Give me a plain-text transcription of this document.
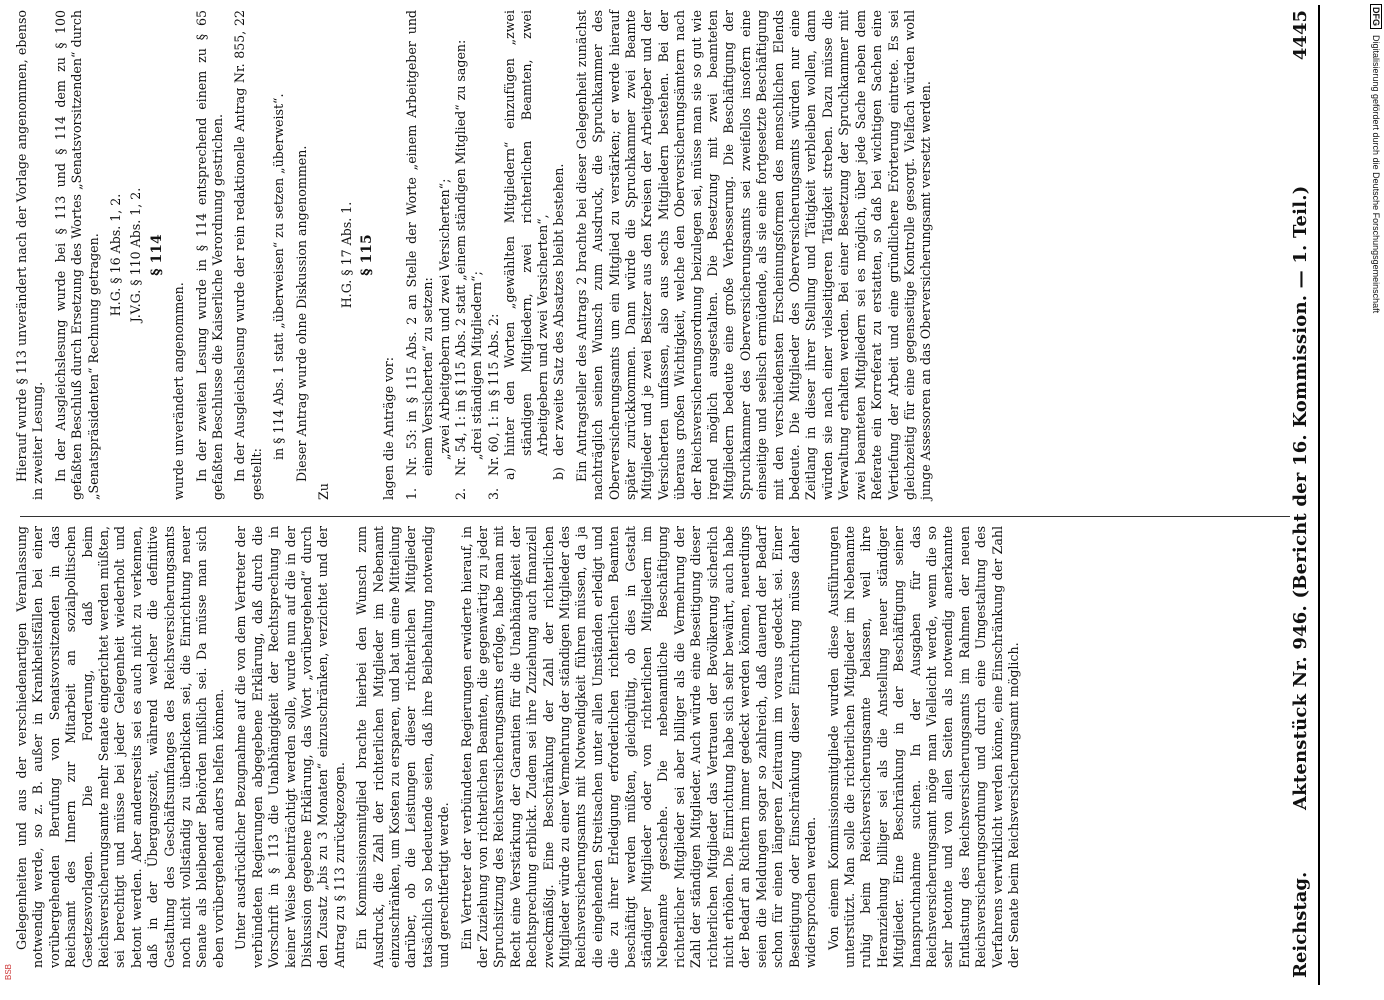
Gelegenheiten und aus der verschiedenartigen Veranlassung notwendig werde, so z. B. außer in Krankheitsfällen bei einer vorübergehenden Berufung von Senatsvorsitzenden in das Reichsamt des Innern zur Mitarbeit an sozialpolitischen Gesetzesvorlagen. Die Forderung, daß beim Reichsversicherungsamte mehr Senate eingerichtet werden müßten, sei berechtigt und müsse bei jeder Gelegenheit wiederholt und betont werden. Aber andererseits sei es auch nicht zu verkennen, daß in der Übergangszeit, während welcher die definitive Gestaltung des Geschäftsumfanges des Reichsversicherungsamts noch nicht vollständig zu überblicken sei, die Einrichtung neuer Senate als bleibender Behörden mißlich sei. Da müsse man sich eben vorübergehend anders helfen können. Unter ausdrücklicher Bezugnahme auf die von dem Vertreter der verbündeten Regierungen abgegebene Erklärung, daß durch die Vorschrift in § 113 die Unabhängigkeit der Rechtsprechung in keiner Weise beeinträchtigt werden solle, wurde nun auf die in der Diskussion gegebene Erklärung, das Wort „vorübergehend“ durch den Zusatz „bis zu 3 Monaten“ einzuschränken, verzichtet und der Antrag zu § 113 zurückgezogen. Ein Kommissionsmitglied brachte hierbei den Wunsch zum Ausdruck, die Zahl der richterlichen Mitglieder im Nebenamt einzuschränken, um Kosten zu ersparen, und bat um eine Mitteilung darüber, ob die Leistungen dieser richterlichen Mitglieder tatsächlich so bedeutende seien, daß ihre Beibehaltung notwendig und gerechtfertigt werde. Ein Vertreter der verbündeten Regierungen erwiderte hierauf, in der Zuziehung von richterlichen Beamten, die gegenwärtig zu jeder Spruchsitzung des Reichsversicherungsamts erfolge, habe man mit Recht eine Verstärkung der Garantien für die Unabhängigkeit der Rechtsprechung erblickt. Zudem sei ihre Zuziehung auch finanziell zweckmäßig. Eine Beschränkung der Zahl der richterlichen Mitglieder würde zu einer Vermehrung der ständigen Mitglieder des Reichsversicherungsamts mit Notwendigkeit führen müssen, da ja die eingehenden Streitsachen unter allen Umständen erledigt und die zu ihrer Erledigung erforderlichen richterlichen Beamten beschäftigt werden müßten, gleichgültig, ob dies in Gestalt ständiger Mitglieder oder von richterlichen Mitgliedern im Nebenamte geschehe. Die nebenamtliche Beschäftigung richterlicher Mitglieder sei aber billiger als die Vermehrung der Zahl der ständigen Mitglieder. Auch würde eine Beseitigung dieser richterlichen Mitglieder das Vertrauen der Bevölkerung sicherlich nicht erhöhen. Die Einrichtung habe sich sehr bewährt, auch habe der Bedarf an Richtern immer gedeckt werden können, neuerdings seien die Meldungen sogar so zahlreich, daß dauernd der Bedarf schon für einen längeren Zeitraum im voraus gedeckt sei. Einer Beseitigung oder Einschränkung dieser Einrichtung müsse daher widersprochen werden. Von einem Kommissionsmitgliede wurden diese Ausführungen unterstützt. Man solle die richterlichen Mitglieder im Nebenamte ruhig beim Reichsversicherungsamte belassen, weil ihre Heranziehung billiger sei als die Anstellung neuer ständiger Mitglieder. Eine Beschränkung in der Beschäftigung seiner Inanspruchnahme suchen. In der Ausgaben für das Reichsversicherungsamt möge man Vielleicht werde, wenn die so sehr betonte und von allen Seiten als notwendig anerkannte Entlastung des Reichsversicherungsamts im Rahmen der neuen Reichsversicherungsordnung und durch eine Umgestaltung des Verfahrens verwirklicht werden könne, eine Einschränkung der Zahl der Senate beim Reichsversicherungsamt möglich.

Hierauf wurde § 113 unverändert nach der Vorlage angenommen, ebenso in zweiter Lesung. In der Ausgleichslesung wurde bei § 113 und § 114 dem zu § 100 gefaßten Beschluß durch Ersetzung des Wortes „Senatsvorsitzenden“ durch „Senatspräsidenten“ Rechnung getragen. H.G. § 16 Abs. 1, 2. J.V.G. § 110 Abs. 1, 2. § 114

wurde unverändert angenommen. In der zweiten Lesung wurde in § 114 entsprechend einem zu § 65 gefaßten Beschlusse die Kaiserliche Verordnung gestrichen. In der Ausgleichslesung wurde der rein redaktionelle Antrag Nr. 855, 22 gestellt:

in § 114 Abs. 1 statt „überweisen“ zu setzen „überweist“. Dieser Antrag wurde ohne Diskussion angenommen.

Zu

H.G. § 17 Abs. 1. § 115

lagen die Anträge vor: 1.
Nr. 53: in § 115 Abs. 2 an Stelle der Worte „einem Arbeitgeber und einem Versicherten“ zu setzen: „zwei Arbeitgebern und zwei Versicherten“;
2.
Nr. 54, 1: in § 115 Abs. 2 statt „einem ständigen Mitglied“ zu sagen: „drei ständigen Mitgliedern“;
3.
Nr. 60, 1: in § 115 Abs. 2: a)
hinter den Worten „gewählten Mitgliedern“ einzufügen „zwei ständigen Mitgliedern, zwei richterlichen Beamten, zwei Arbeitgebern und zwei Versicherten“,
b)
der zweite Satz des Absatzes bleibt bestehen. Ein Antragsteller des Antrags 2 brachte bei dieser Gelegenheit zunächst nachträglich seinen Wunsch zum Ausdruck, die Spruchkammer des Oberversicherungsamts um ein Mitglied zu verstärken; er werde hierauf später zurückkommen. Dann würde die Spruchkammer zwei Beamte Mitglieder und je zwei Besitzer aus den Kreisen der Arbeitgeber und der Versicherten umfassen, also aus sechs Mitgliedern bestehen. Bei der überaus großen Wichtigkeit, welche den Oberversicherungsämtern nach der Reichsversicherungsordnung beizulegen sei, müsse man sie so gut wie irgend möglich ausgestalten. Die Besetzung mit zwei beamteten Mitgliedern bedeute eine große Verbesserung. Die Beschäftigung der Spruchkammer des Oberversicherungsamts sei zweifellos insofern eine einseitige und seelisch ermüdende, als sie eine fortgesetzte Beschäftigung mit den verschiedensten Erscheinungsformen des menschlichen Elends bedeute. Die Mitglieder des Oberversicherungsamts würden nur eine Zeitlang in dieser ihrer Stellung und Tätigkeit verbleiben wollen, dann würden sie nach einer vielseitigeren Tätigkeit streben. Dazu müsse die Verwaltung erhalten werden. Bei einer Besetzung der Spruchkammer mit zwei beamteten Mitgliedern sei es möglich, über jede Sache neben dem Referate ein Korreferat zu erstatten, so daß bei wichtigen Sachen eine Vertiefung der Arbeit und eine gründlichere Erörterung eintrete. Es sei gleichzeitig für eine gegenseitige Kontrolle gesorgt. Vielfach würden wohl junge Assessoren an das Oberversicherungsamt versetzt werden.

Reichstag.
Aktenstück Nr. 946. (Bericht der 16. Kommission. — 1. Teil.)
4445	DFGDigitalisierung gefördert durch die Deutsche Forschungsgemeinschaft
BSB
